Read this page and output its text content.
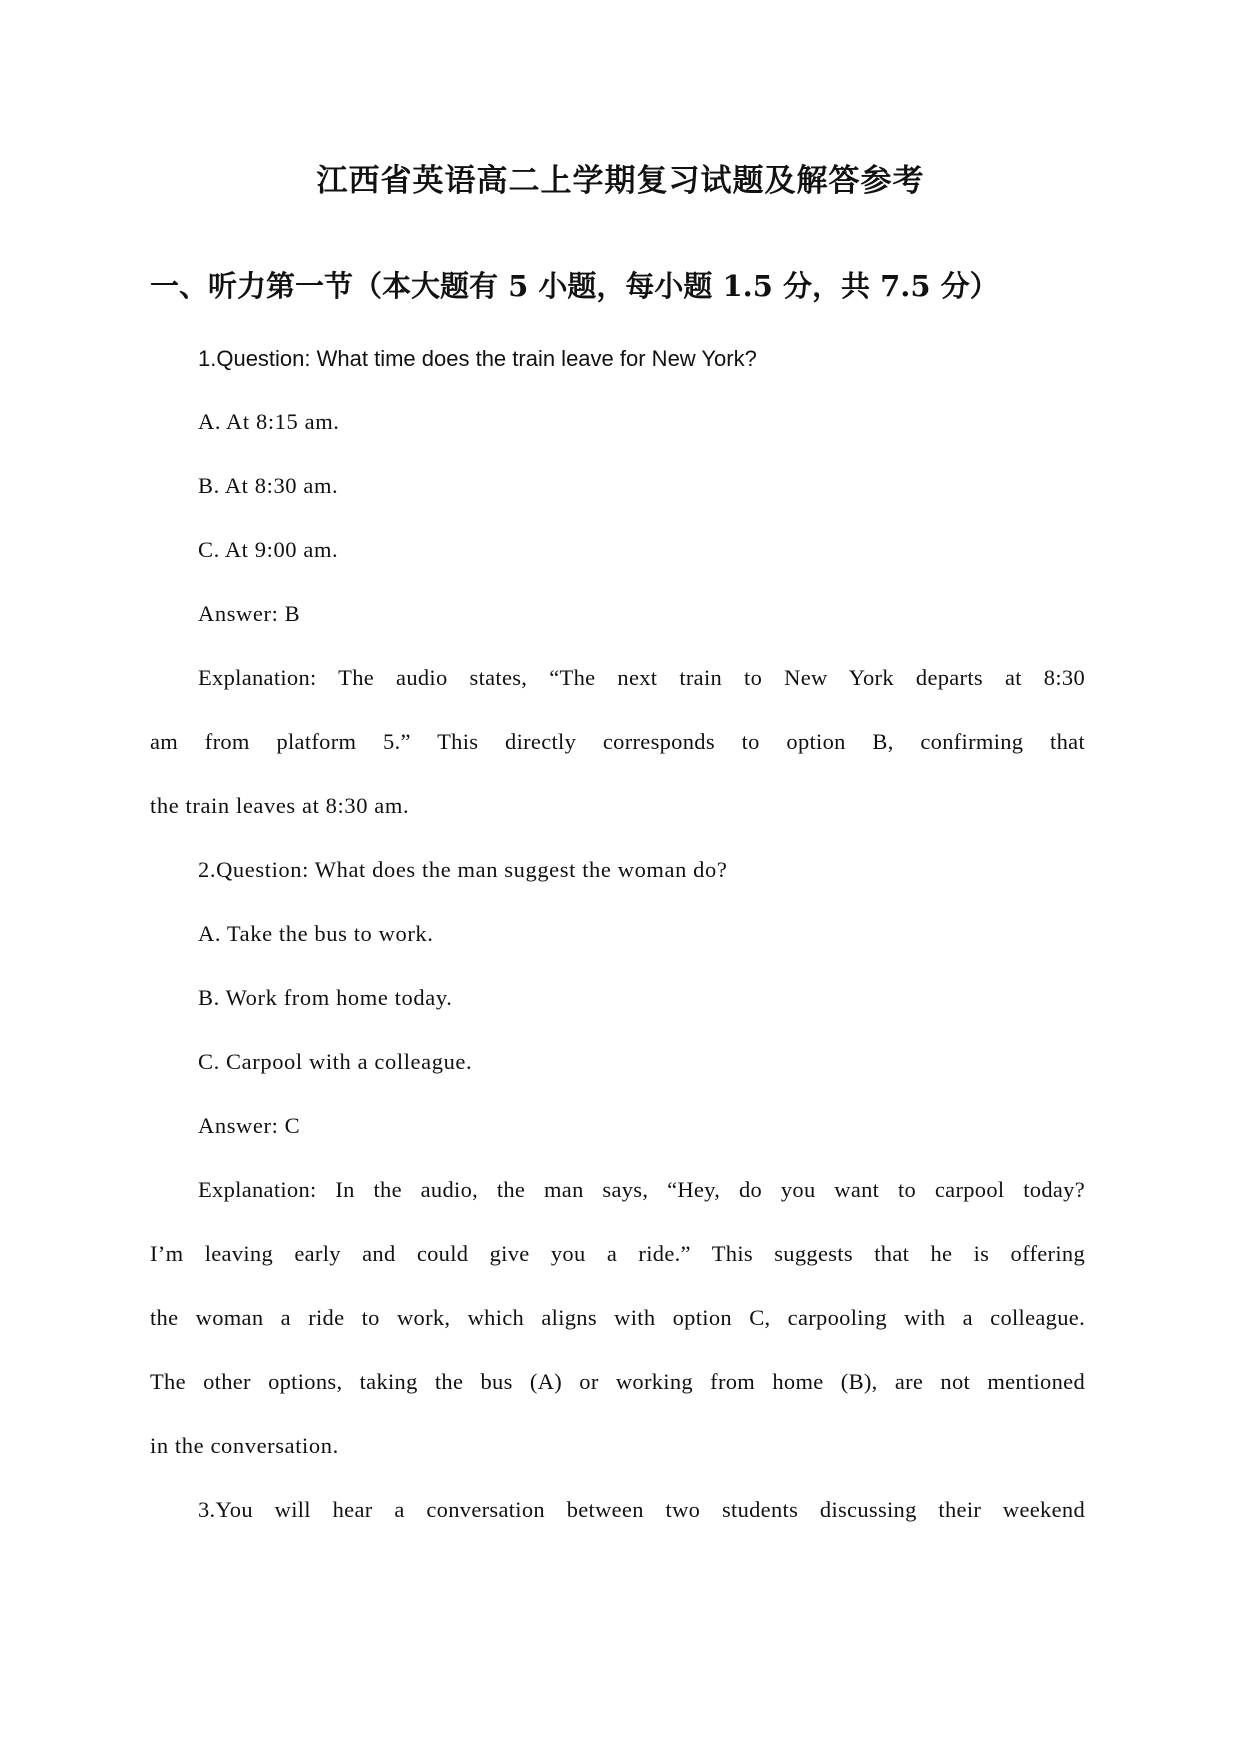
江西省英语高二上学期复习试题及解答参考
一、听力第一节（本大题有 5 小题，每小题 1.5 分，共 7.5 分）
1.Question: What time does the train leave for New York?
A. At 8:15 am.
B. At 8:30 am.
C. At 9:00 am.
Answer: B
Explanation: The audio states, “The next train to New York departs at 8:30
am from platform 5.” This directly corresponds to option B, confirming that
the train leaves at 8:30 am.
2.Question: What does the man suggest the woman do?
A. Take the bus to work.
B. Work from home today.
C. Carpool with a colleague.
Answer: C
Explanation: In the audio, the man says, “Hey, do you want to carpool today?
I’m leaving early and could give you a ride.” This suggests that he is offering
the woman a ride to work, which aligns with option C, carpooling with a colleague.
The other options, taking the bus (A) or working from home (B), are not mentioned
in the conversation.
3.You will hear a conversation between two students discussing their weekend
